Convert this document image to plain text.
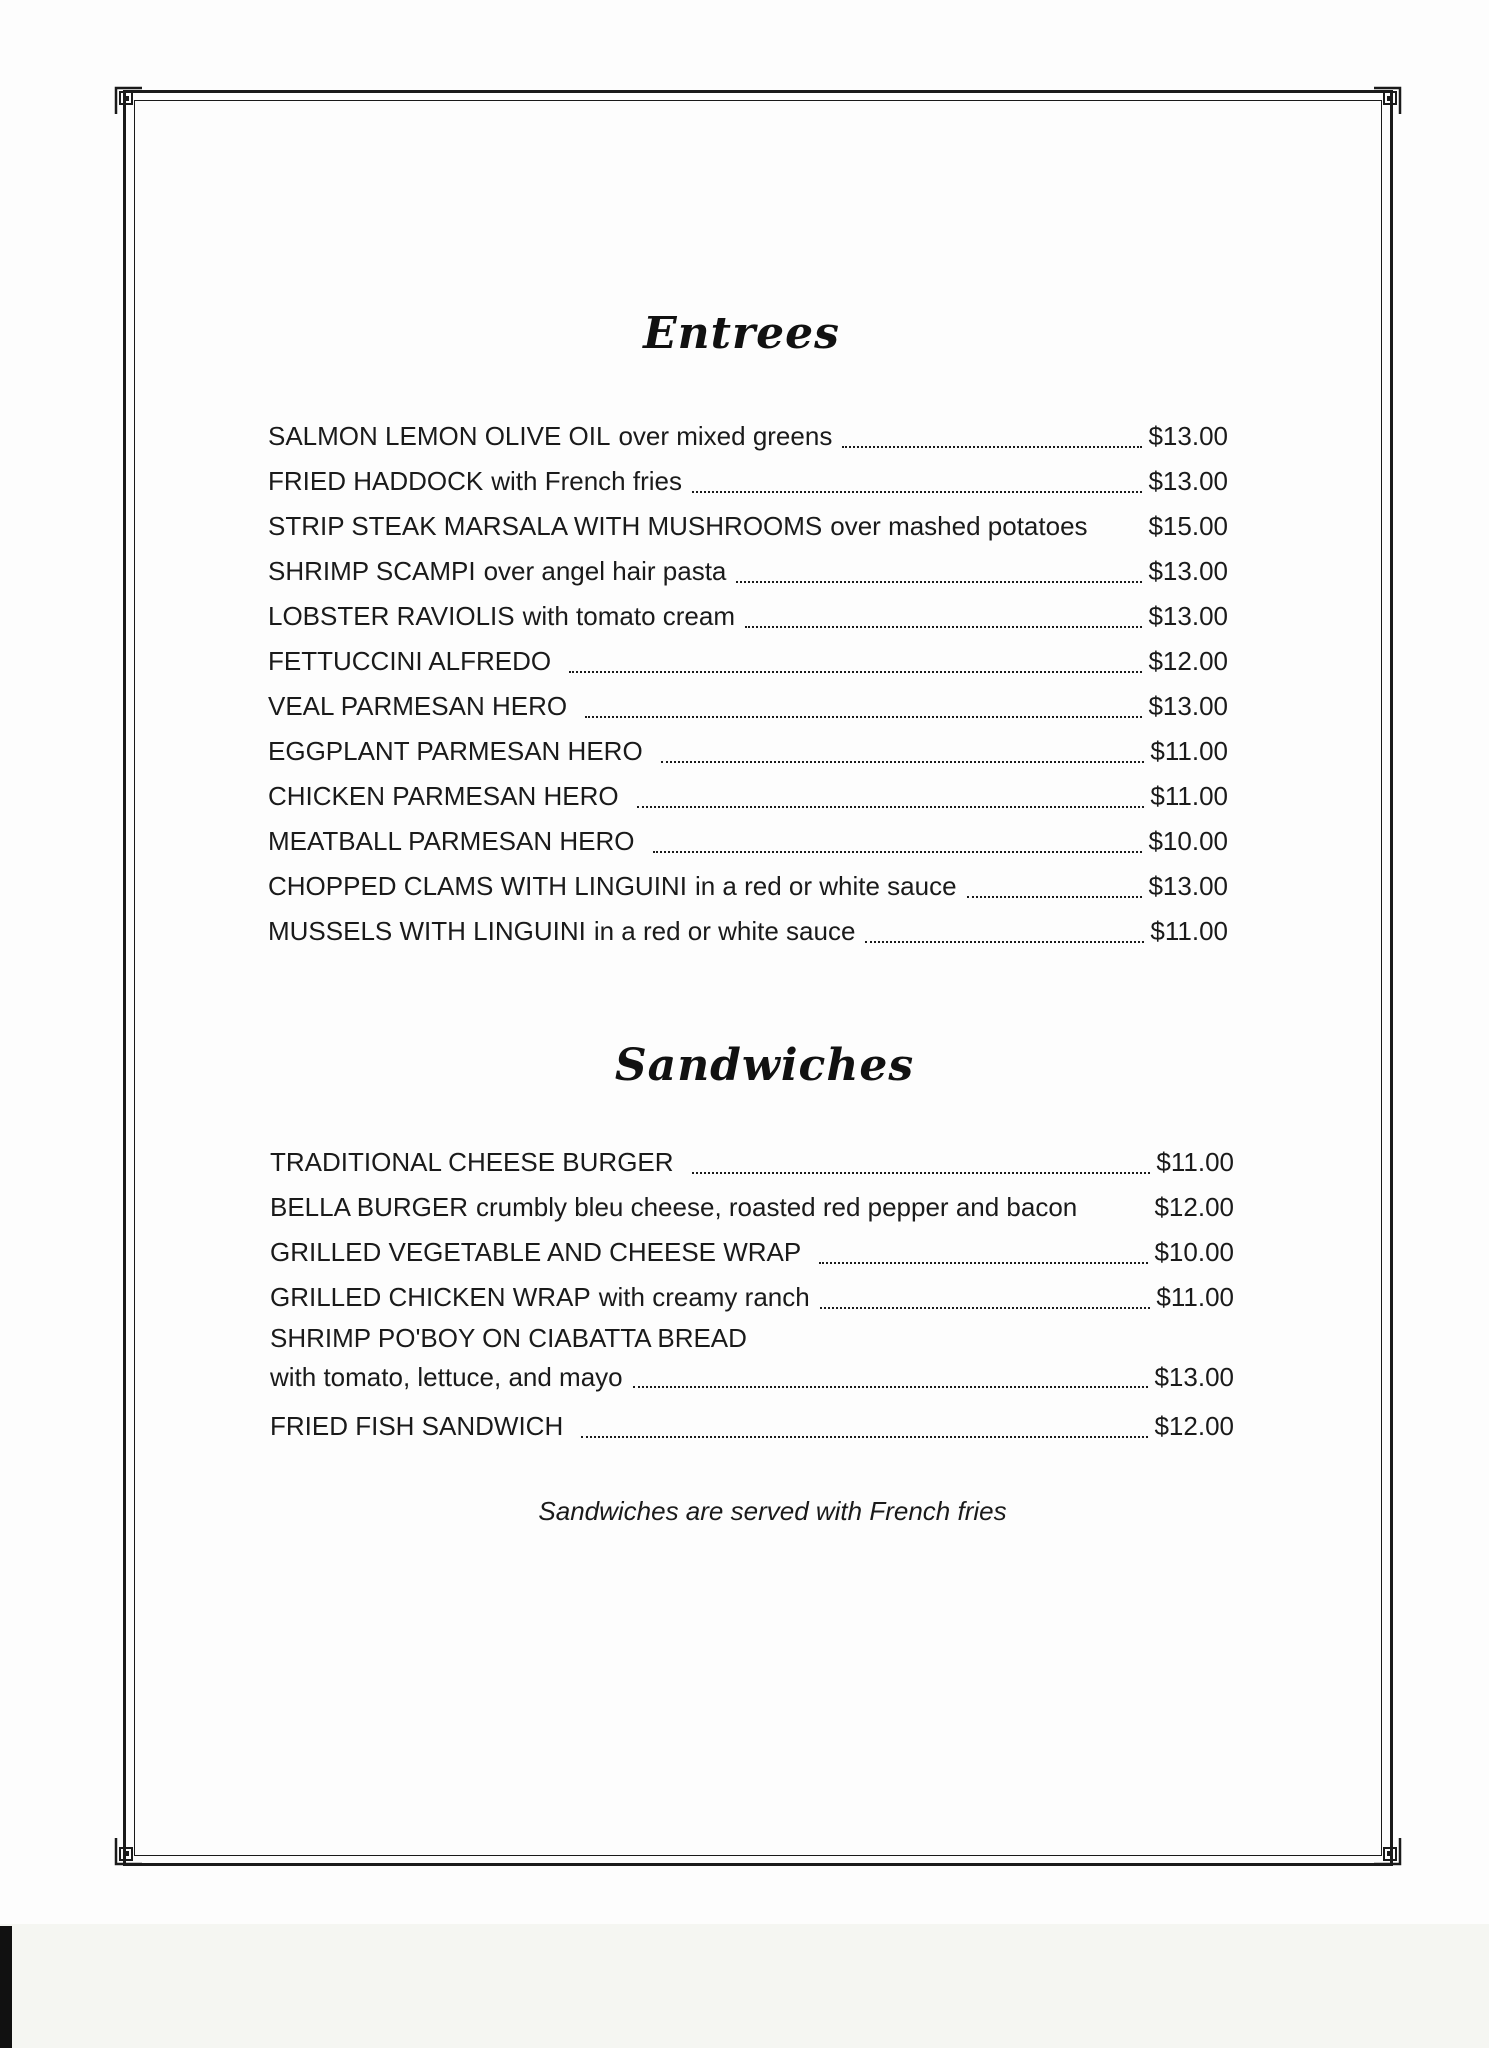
Entrees
SALMON LEMON OLIVE OIL over mixed greens	$13.00
FRIED HADDOCK with French fries	$13.00
STRIP STEAK MARSALA WITH MUSHROOMS over mashed potatoes $15.00
SHRIMP SCAMPI over angel hair pasta	$13.00
LOBSTER RAVIOLIS with tomato cream	$13.00
FETTUCCINI ALFREDO	$12.00
VEAL PARMESAN HERO	$13.00
EGGPLANT PARMESAN HERO	$11.00
CHICKEN PARMESAN HERO	$11.00
MEATBALL PARMESAN HERO	$10.00
CHOPPED CLAMS WITH LINGUINI in a red or white sauce	$13.00
MUSSELS WITH LINGUINI in a red or white sauce	$11.00
Sandwiches
TRADITIONAL CHEESE BURGER	$11.00
BELLA BURGER crumbly bleu cheese, roasted red pepper and bacon	$12.00
GRILLED VEGETABLE AND CHEESE WRAP	$10.00
GRILLED CHICKEN WRAP with creamy ranch	$11.00
SHRIMP PO'BOY ON CIABATTA BREAD
with tomato, lettuce, and mayo	$13.00
FRIED FISH SANDWICH	$12.00
Sandwiches are served with French fries
